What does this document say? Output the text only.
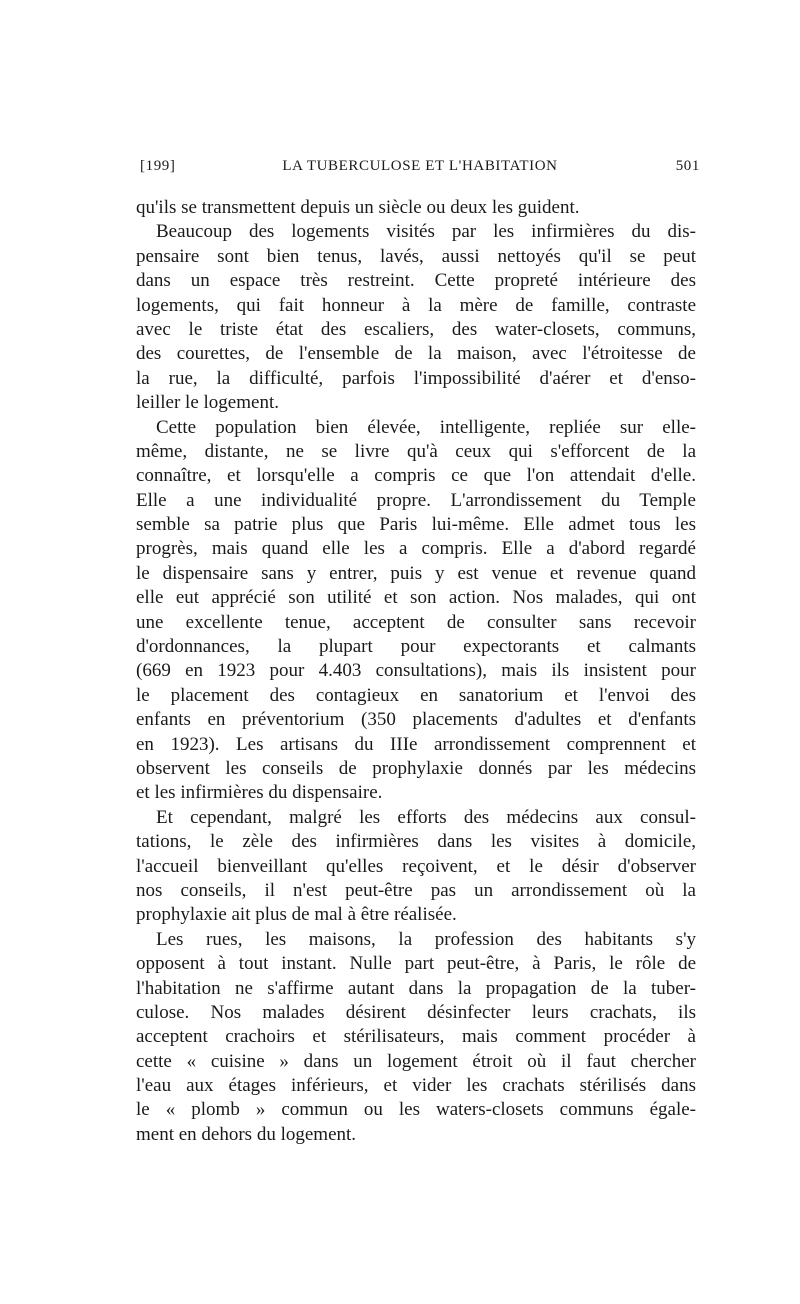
[199]	LA TUBERCULOSE ET L'HABITATION	501
qu'ils se transmettent depuis un siècle ou deux les guident.
Beaucoup des logements visités par les infirmières du dis-
pensaire sont bien tenus, lavés, aussi nettoyés qu'il se peut
dans un espace très restreint. Cette propreté intérieure des
logements, qui fait honneur à la mère de famille, contraste
avec le triste état des escaliers, des water-closets, communs,
des courettes, de l'ensemble de la maison, avec l'étroitesse de
la rue, la difficulté, parfois l'impossibilité d'aérer et d'enso-
leiller le logement.
Cette population bien élevée, intelligente, repliée sur elle-
même, distante, ne se livre qu'à ceux qui s'efforcent de la
connaître, et lorsqu'elle a compris ce que l'on attendait d'elle.
Elle a une individualité propre. L'arrondissement du Temple
semble sa patrie plus que Paris lui-même. Elle admet tous les
progrès, mais quand elle les a compris. Elle a d'abord regardé
le dispensaire sans y entrer, puis y est venue et revenue quand
elle eut apprécié son utilité et son action. Nos malades, qui ont
une excellente tenue, acceptent de consulter sans recevoir
d'ordonnances, la plupart pour expectorants et calmants
(669 en 1923 pour 4.403 consultations), mais ils insistent pour
le placement des contagieux en sanatorium et l'envoi des
enfants en préventorium (350 placements d'adultes et d'enfants
en 1923). Les artisans du IIIe arrondissement comprennent et
observent les conseils de prophylaxie donnés par les médecins
et les infirmières du dispensaire.
Et cependant, malgré les efforts des médecins aux consul-
tations, le zèle des infirmières dans les visites à domicile,
l'accueil bienveillant qu'elles reçoivent, et le désir d'observer
nos conseils, il n'est peut-être pas un arrondissement où la
prophylaxie ait plus de mal à être réalisée.
Les rues, les maisons, la profession des habitants s'y
opposent à tout instant. Nulle part peut-être, à Paris, le rôle de
l'habitation ne s'affirme autant dans la propagation de la tuber-
culose. Nos malades désirent désinfecter leurs crachats, ils
acceptent crachoirs et stérilisateurs, mais comment procéder à
cette « cuisine » dans un logement étroit où il faut chercher
l'eau aux étages inférieurs, et vider les crachats stérilisés dans
le « plomb » commun ou les waters-closets communs égale-
ment en dehors du logement.
